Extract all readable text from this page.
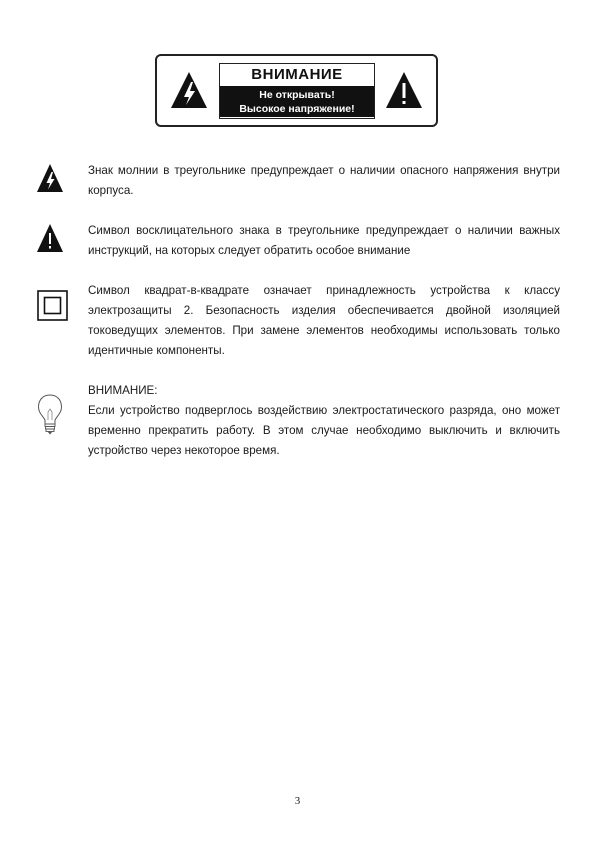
ВНИМАНИЕ
Не открывать!
Высокое напряжение!
Знак молнии в треугольнике предупреждает о наличии опасного напряжения внутри корпуса.
Символ восклицательного знака в треугольнике предупреждает о наличии важных инструкций, на которых следует обратить особое внимание
Символ квадрат-в-квадрате означает принадлежность устройства к классу электрозащиты 2. Безопасность изделия обеспечивается двойной изоляцией токоведущих элементов. При замене элементов необходимы использовать только идентичные компоненты.
ВНИМАНИЕ:
Если устройство подверглось воздействию электростатического разряда, оно может временно прекратить работу. В этом случае необходимо выключить и включить устройство через некоторое время.
3
